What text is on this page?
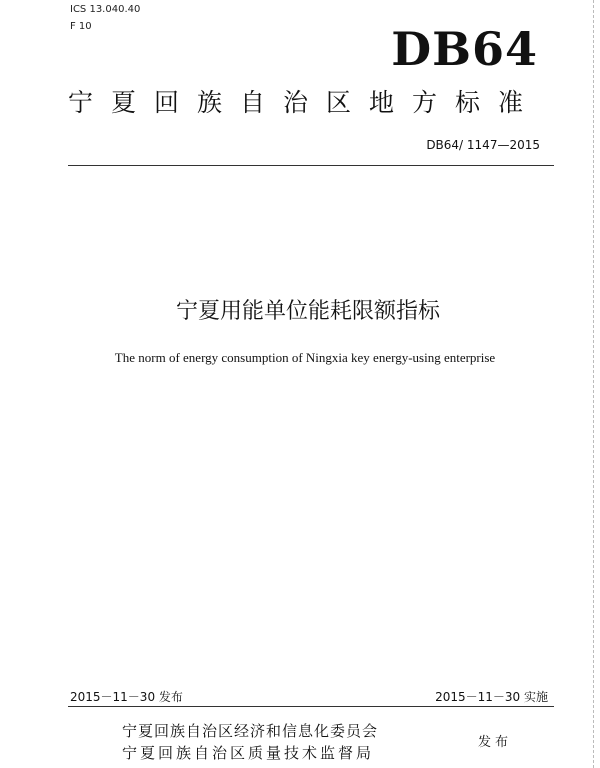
ICS 13.040.40
F 10	DB64
宁夏回族自治区地方标准
DB64/ 1147—2015
宁夏用能单位能耗限额指标
The norm of energy consumption of Ningxia key energy-using enterprise
2015－11－30 发布	2015－11－30 实施
宁夏回族自治区经济和信息化委员会
宁夏回族自治区质量技术监督局
发布
